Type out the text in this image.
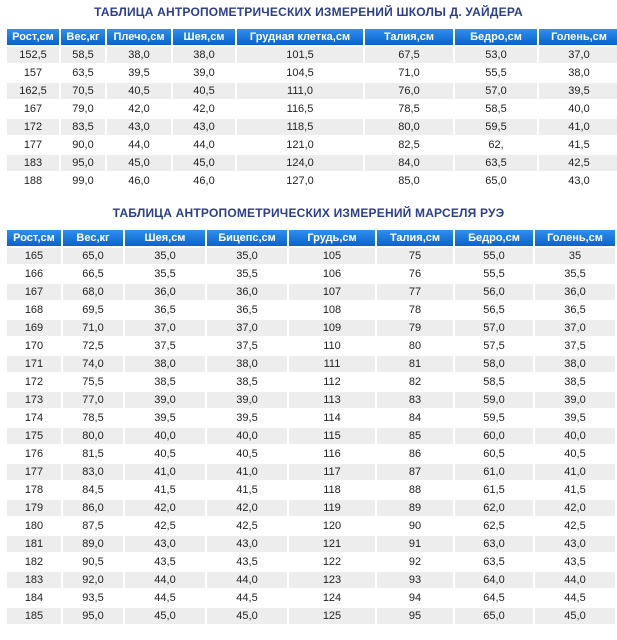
ТАБЛИЦА АНТРОПОМЕТРИЧЕСКИХ ИЗМЕРЕНИЙ ШКОЛЫ Д. УАЙДЕРА
Рост,см	Вес,кг	Плечо,см	Шея,см	Грудная клетка,см	Талия,см	Бедро,см	Голень,см
152,5	58,5	38,0	38,0	101,5	67,5	53,0	37,0
157	63,5	39,5	39,0	104,5	71,0	55,5	38,0
162,5	70,5	40,5	40,5	111,0	76,0	57,0	39,5
167	79,0	42,0	42,0	116,5	78,5	58,5	40,0
172	83,5	43,0	43,0	118,5	80,0	59,5	41,0
177	90,0	44,0	44,0	121,0	82,5	62,	41,5
183	95,0	45,0	45,0	124,0	84,0	63,5	42,5
188	99,0	46,0	46,0	127,0	85,0	65,0	43,0
ТАБЛИЦА АНТРОПОМЕТРИЧЕСКИХ ИЗМЕРЕНИЙ МАРСЕЛЯ РУЭ
Рост,см	Вес,кг	Шея,см	Бицепс,см	Грудь,см	Талия,см	Бедро,см	Голень,см
165	65,0	35,0	35,0	105	75	55,0	35
166	66,5	35,5	35,5	106	76	55,5	35,5
167	68,0	36,0	36,0	107	77	56,0	36,0
168	69,5	36,5	36,5	108	78	56,5	36,5
169	71,0	37,0	37,0	109	79	57,0	37,0
170	72,5	37,5	37,5	110	80	57,5	37,5
171	74,0	38,0	38,0	111	81	58,0	38,0
172	75,5	38,5	38,5	112	82	58,5	38,5
173	77,0	39,0	39,0	113	83	59,0	39,0
174	78,5	39,5	39,5	114	84	59,5	39,5
175	80,0	40,0	40,0	115	85	60,0	40,0
176	81,5	40,5	40,5	116	86	60,5	40,5
177	83,0	41,0	41,0	117	87	61,0	41,0
178	84,5	41,5	41,5	118	88	61,5	41,5
179	86,0	42,0	42,0	119	89	62,0	42,0
180	87,5	42,5	42,5	120	90	62,5	42,5
181	89,0	43,0	43,0	121	91	63,0	43,0
182	90,5	43,5	43,5	122	92	63,5	43,5
183	92,0	44,0	44,0	123	93	64,0	44,0
184	93,5	44,5	44,5	124	94	64,5	44,5
185	95,0	45,0	45,0	125	95	65,0	45,0
